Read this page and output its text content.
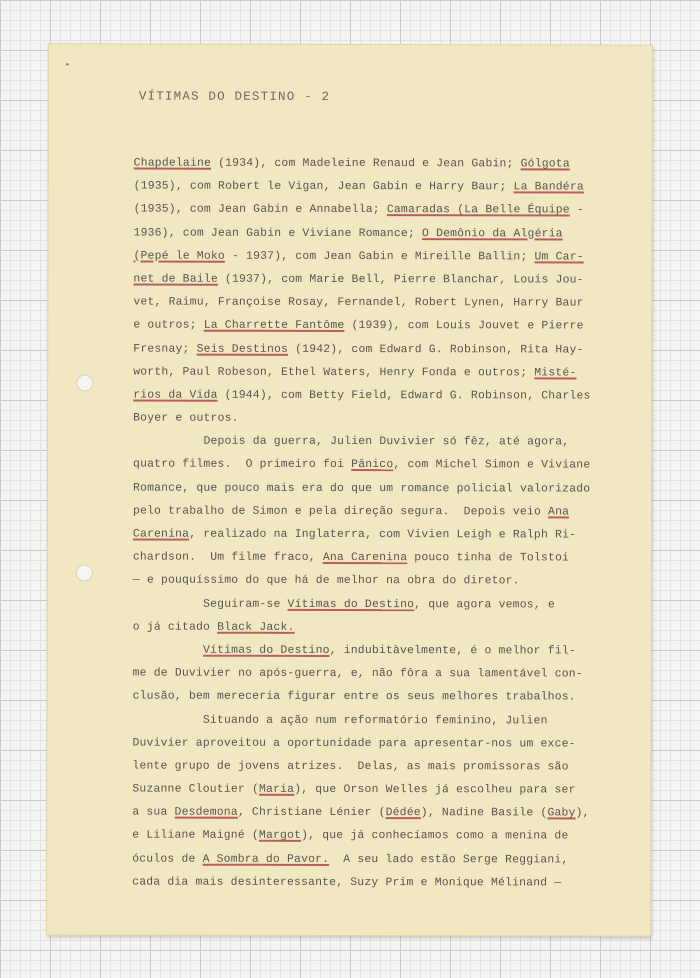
VÍTIMAS DO DESTINO - 2
Chapdelaine (1934), com Madeleine Renaud e Jean Gabin; Gólgota
(1935), com Robert le Vigan, Jean Gabin e Harry Baur; La Bandéra
(1935), com Jean Gabin e Annabella; Camaradas (La Belle Équipe -
1936), com Jean Gabin e Viviane Romance; O Demônio da Algéria
(Pepé le Moko - 1937), com Jean Gabin e Mireille Ballin; Um Car-
net de Baile (1937), com Marie Bell, Pierre Blanchar, Louis Jou-
vet, Raimu, Françoise Rosay, Fernandel, Robert Lynen, Harry Baur
e outros; La Charrette Fantôme (1939), com Louis Jouvet e Pierre
Fresnay; Seis Destinos (1942), com Edward G. Robinson, Rita Hay-
worth, Paul Robeson, Ethel Waters, Henry Fonda e outros; Misté-
rios da Vida (1944), com Betty Field, Edward G. Robinson, Charles
Boyer e outros.
Depois da guerra, Julien Duvivier só fêz, até agora,
quatro filmes.  O primeiro foi Pânico, com Michel Simon e Viviane
Romance, que pouco mais era do que um romance policial valorizado
pelo trabalho de Simon e pela direção segura.  Depois veio Ana
Carenina, realizado na Inglaterra, com Vivien Leigh e Ralph Ri-
chardson.  Um filme fraco, Ana Carenina pouco tinha de Tolstoi
— e pouquíssimo do que há de melhor na obra do diretor.
Seguiram-se Vítimas do Destino, que agora vemos, e
o já citado Black Jack.
Vítimas do Destino, indubitàvelmente, é o melhor fil-
me de Duvivier no após-guerra, e, não fôra a sua lamentável con-
clusão, bem mereceria figurar entre os seus melhores trabalhos.
Situando a ação num reformatório feminino, Julien
Duvivier aproveitou a oportunidade para apresentar-nos um exce-
lente grupo de jovens atrizes.  Delas, as mais promissoras são
Suzanne Cloutier (Maria), que Orson Welles já escolheu para ser
a sua Desdemona, Christiane Lénier (Dédée), Nadine Basile (Gaby),
e Liliane Maigné (Margot), que já conhecíamos como a menina de
óculos de A Sombra do Pavor.  A seu lado estão Serge Reggiani,
cada dia mais desinteressante, Suzy Prim e Monique Mélinand —
